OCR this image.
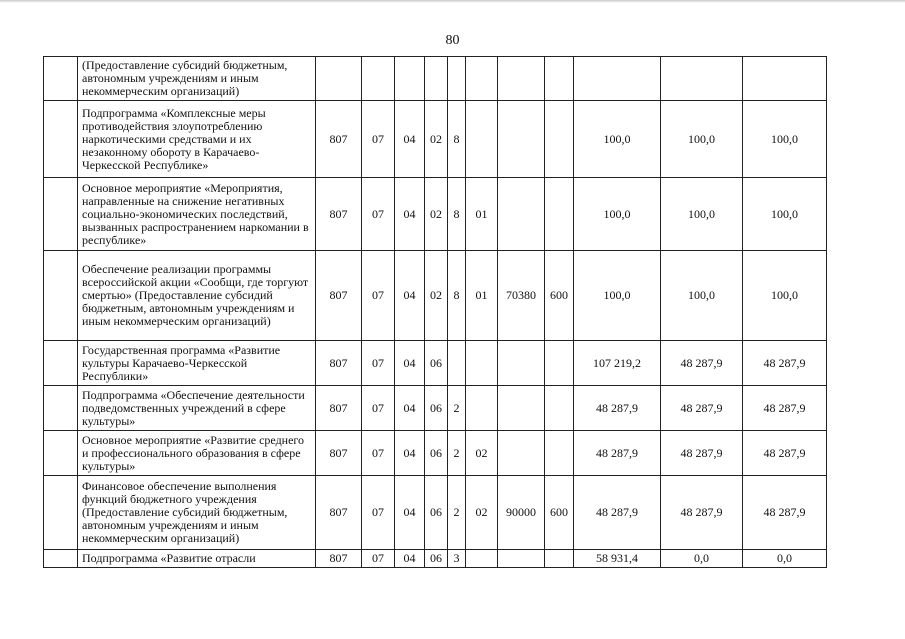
80
	(Предоставление субсидий бюджетным, автономным учреждениям и иным некоммерческим организаций)											
	Подпрограмма «Комплексные меры противодействия злоупотреблению наркотическими средствами и их незаконному обороту в Карачаево-Черкесской Республике»	807	07	04	02	8				100,0	100,0	100,0
	Основное мероприятие «Мероприятия, направленные на снижение негативных социально-экономических последствий, вызванных распространением наркомании в республике»	807	07	04	02	8	01			100,0	100,0	100,0
	Обеспечение реализации программы всероссийской акции «Сообщи, где торгуют смертью» (Предоставление субсидий бюджетным, автономным учреждениям и иным некоммерческим организаций)	807	07	04	02	8	01	70380	600	100,0	100,0	100,0
	Государственная программа «Развитие культуры Карачаево-Черкесской Республики»	807	07	04	06					107 219,2	48 287,9	48 287,9
	Подпрограмма «Обеспечение деятельности подведомственных учреждений в сфере культуры»	807	07	04	06	2				48 287,9	48 287,9	48 287,9
	Основное мероприятие «Развитие среднего и профессионального образования в сфере культуры»	807	07	04	06	2	02			48 287,9	48 287,9	48 287,9
	Финансовое обеспечение выполнения функций бюджетного учреждения (Предоставление субсидий бюджетным, автономным учреждениям и иным некоммерческим организаций)	807	07	04	06	2	02	90000	600	48 287,9	48 287,9	48 287,9
	Подпрограмма «Развитие отрасли	807	07	04	06	3				58 931,4	0,0	0,0
